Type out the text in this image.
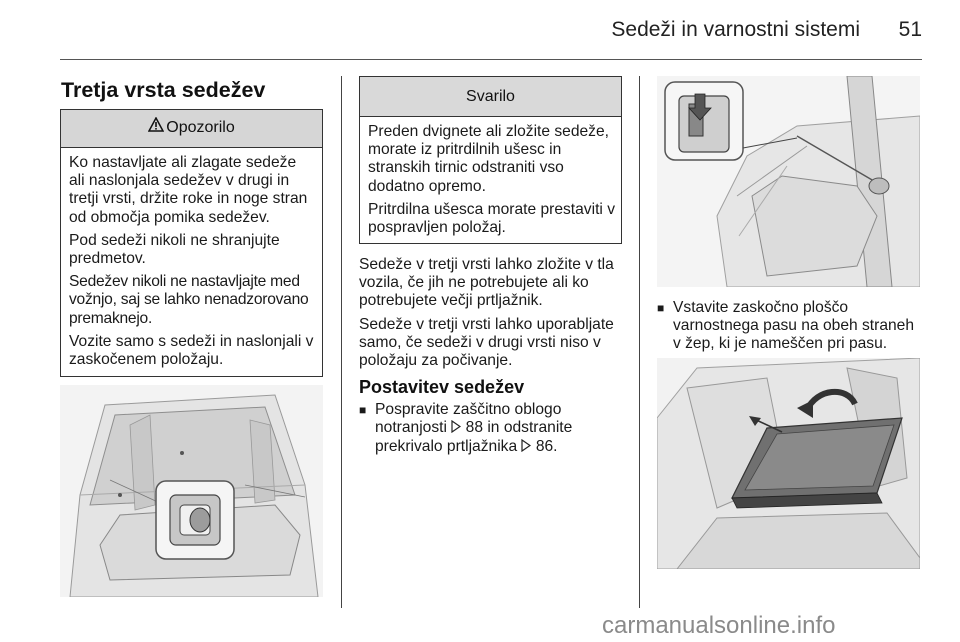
Sedeži in varnostni sistemi	51
Tretja vrsta sedežev
Opozorilo

Ko nastavljate ali zlagate sedeže ali naslonjala sedežev v drugi in tretji vrsti, držite roke in noge stran od območja pomika sedežev.

Pod sedeži nikoli ne shranjujte predmetov.

Sedežev nikoli ne nastavljajte med vožnjo, saj se lahko nenadzorovano premaknejo.

Vozite samo s sedeži in naslonjali v zaskočenem položaju.

Svarilo

Preden dvignete ali zložite sedeže, morate iz pritrdilnih ušesc in stranskih tirnic odstraniti vso dodatno opremo.

Pritrdilna ušesca morate prestaviti v pospravljen položaj.

Sedeže v tretji vrsti lahko zložite v tla vozila, če jih ne potrebujete ali ko potrebujete večji prtljažnik.

Sedeže v tretji vrsti lahko uporabljate samo, če sedeži v drugi vrsti niso v položaju za počivanje.

Postavitev sedežev
■ Pospravite zaščitno oblogo notranjosti 88 in odstranite prekrivalo prtljažnika 86.
■ Vstavite zaskočno ploščo varnostnega pasu na obeh straneh v žep, ki je nameščen pri pasu.
carmanualsonline.info
